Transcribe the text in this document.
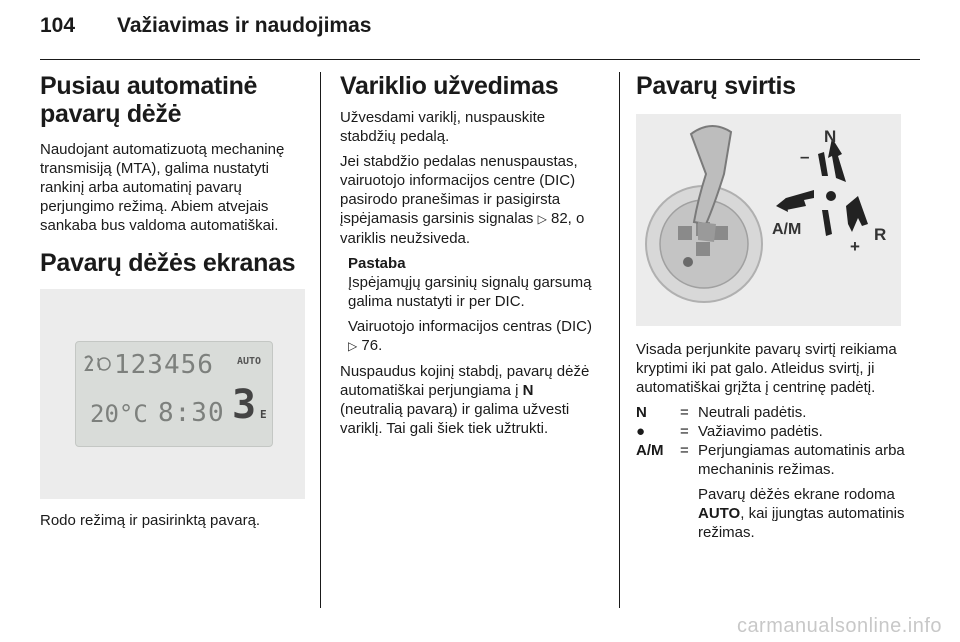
104 Važiavimas ir naudojimas
Pusiau automatinė pavarų dėžė

Naudojant automatizuotą mechaninę transmisiją (MTA), galima nustatyti rankinį arba automatinį pavarų perjungimo režimą. Abiem atvejais sankaba bus valdoma automatiškai.

Pavarų dėžės ekranas
123456 AUTO
20°C 8:30 3 E

Rodo režimą ir pasirinktą pavarą.

Variklio užvedimas

Užvesdami variklį, nuspauskite stabdžių pedalą.

Jei stabdžio pedalas nenuspaustas, vairuotojo informacijos centre (DIC) pasirodo pranešimas ir pasigirsta įspėjamasis garsinis signalas ▷ 82, o variklis neužsiveda.

Pastaba

Įspėjamųjų garsinių signalų garsumą galima nustatyti ir per DIC.

Vairuotojo informacijos centras (DIC) ▷ 76.

Nuspaudus kojinį stabdį, pavarų dėžė automatiškai perjungiama į N
(neutralią pavarą) ir galima užvesti variklį. Tai gali šiek tiek užtrukti.

Pavarų svirtis
N
–
+
R
A/M

Visada perjunkite pavarų svirtį reikiama kryptimi iki pat galo. Atleidus svirtį, ji automatiškai grįžta į centrinę padėtį.

N	= Neutrali padėtis.
●	= Važiavimo padėtis.
A/M	= Perjungiamas automatinis arba mechaninis režimas.
Pavarų dėžės ekrane rodoma AUTO, kai įjungtas automatinis režimas.
carmanualsonline.info
